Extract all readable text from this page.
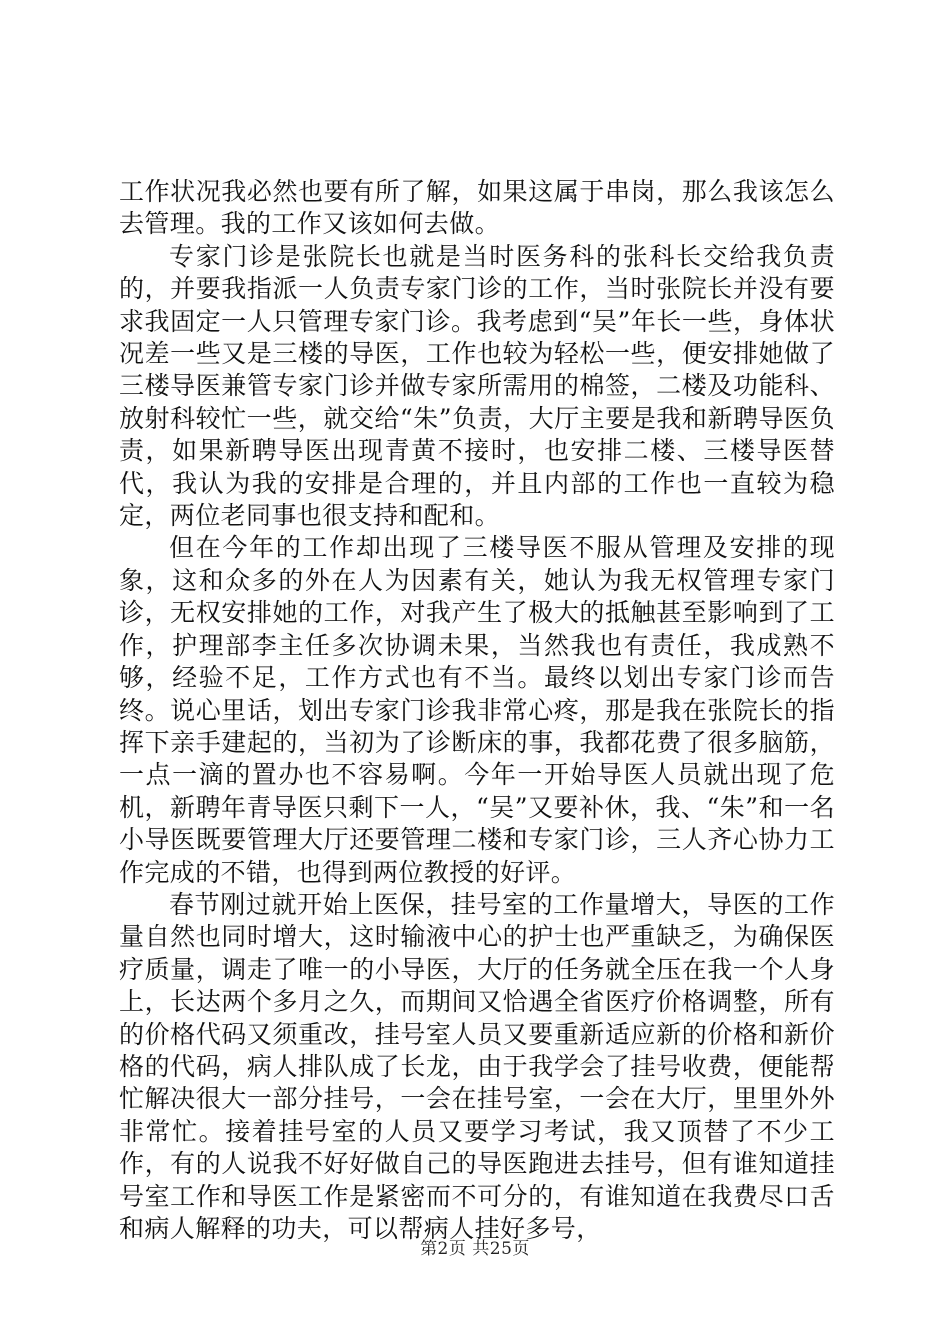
工作状况我必然也要有所了解，如果这属于串岗，那么我该怎么去管理。我的工作又该如何去做。

专家门诊是张院长也就是当时医务科的张科长交给我负责的，并要我指派一人负责专家门诊的工作，当时张院长并没有要求我固定一人只管理专家门诊。我考虑到“吴”年长一些，身体状况差一些又是三楼的导医，工作也较为轻松一些，便安排她做了三楼导医兼管专家门诊并做专家所需用的棉签，二楼及功能科、放射科较忙一些，就交给“朱”负责，大厅主要是我和新聘导医负责，如果新聘导医出现青黄不接时，也安排二楼、三楼导医替代，我认为我的安排是合理的，并且内部的工作也一直较为稳定，两位老同事也很支持和配和。

但在今年的工作却出现了三楼导医不服从管理及安排的现象，这和众多的外在人为因素有关，她认为我无权管理专家门诊，无权安排她的工作，对我产生了极大的抵触甚至影响到了工作，护理部李主任多次协调未果，当然我也有责任，我成熟不够，经验不足，工作方式也有不当。最终以划出专家门诊而告终。说心里话，划出专家门诊我非常心疼，那是我在张院长的指挥下亲手建起的，当初为了诊断床的事，我都花费了很多脑筋，一点一滴的置办也不容易啊。今年一开始导医人员就出现了危机，新聘年青导医只剩下一人，“吴”又要补休，我、“朱”和一名小导医既要管理大厅还要管理二楼和专家门诊，三人齐心协力工作完成的不错，也得到两位教授的好评。

春节刚过就开始上医保，挂号室的工作量增大，导医的工作量自然也同时增大，这时输液中心的护士也严重缺乏，为确保医疗质量，调走了唯一的小导医，大厅的任务就全压在我一个人身上，长达两个多月之久，而期间又恰遇全省医疗价格调整，所有的价格代码又须重改，挂号室人员又要重新适应新的价格和新价格的代码，病人排队成了长龙，由于我学会了挂号收费，便能帮忙解决很大一部分挂号，一会在挂号室，一会在大厅，里里外外非常忙。接着挂号室的人员又要学习考试，我又顶替了不少工作，有的人说我不好好做自己的导医跑进去挂号，但有谁知道挂号室工作和导医工作是紧密而不可分的，有谁知道在我费尽口舌和病人解释的功夫，可以帮病人挂好多号，

第2页 共25页
